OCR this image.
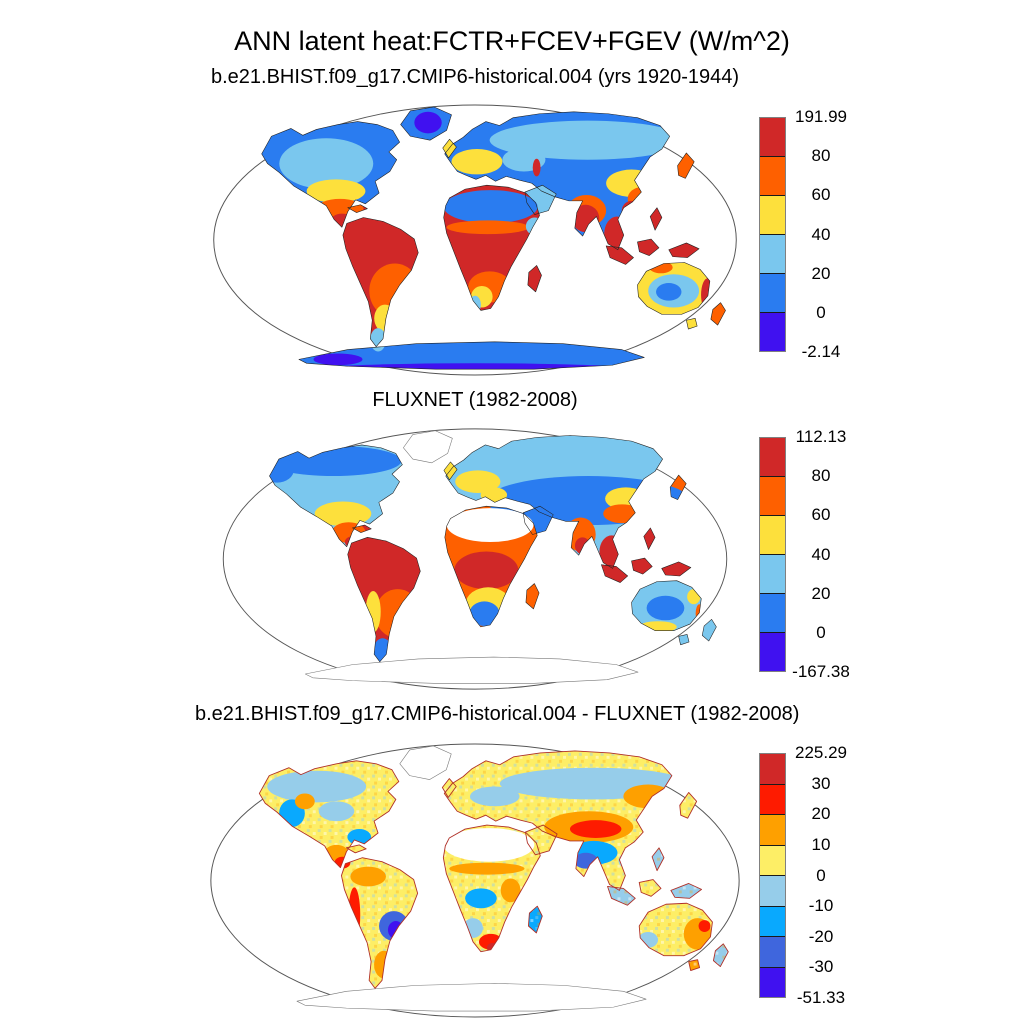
ANN latent heat:FCTR+FCEV+FGEV (W/m^2)
b.e21.BHIST.f09_g17.CMIP6-historical.004 (yrs 1920-1944)
191.99
80
60
40
20
0
-2.14
FLUXNET (1982-2008)
112.13
80
60
40
20
0
-167.38
b.e21.BHIST.f09_g17.CMIP6-historical.004 - FLUXNET (1982-2008)
225.29
30
20
10
0
-10
-20
-30
-51.33
